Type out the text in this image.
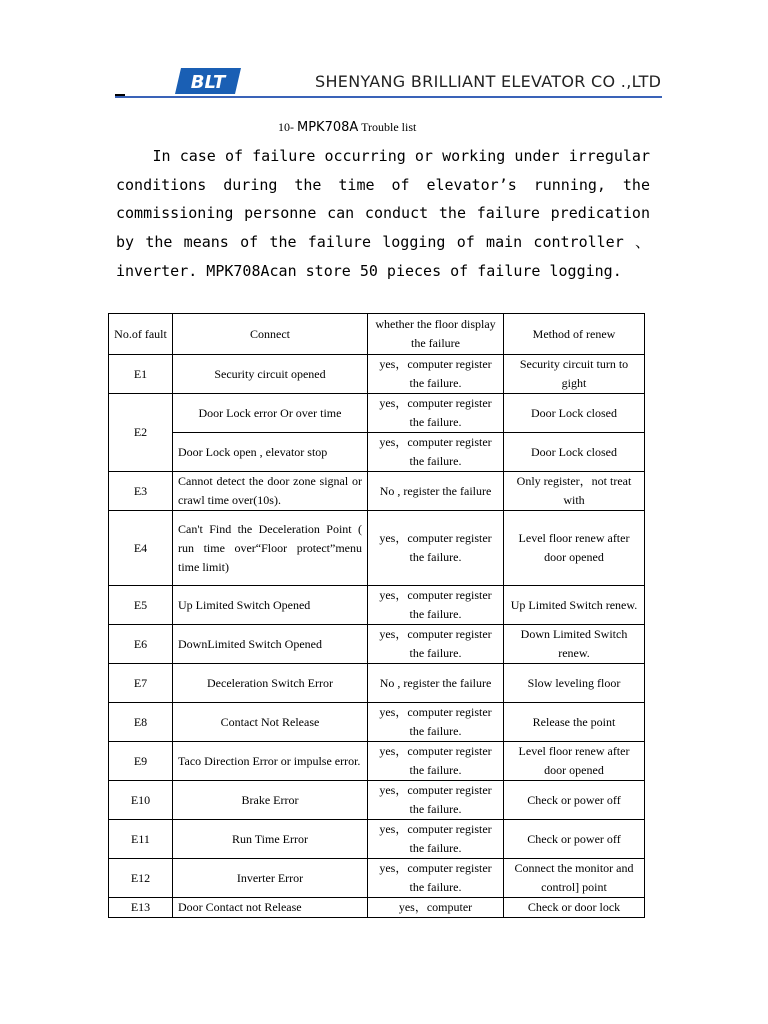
BLT	SHENYANG BRILLIANT ELEVATOR CO .,LTD
10- MPK708A Trouble list

In case of failure occurring or working under irregular conditions during the time of elevator’s running, the commissioning personne can conduct the failure predication by the means of the failure logging of main controller 、inverter. MPK708Acan store 50 pieces of failure logging.

No.of fault	Connect	whether the floor display the failure	Method of renew
E1	Security circuit opened	yes，computer register the failure.	Security circuit turn to gight
E2	Door Lock error Or over time	yes，computer register the failure.	Door Lock closed
	Door Lock open , elevator stop	yes，computer register the failure.	Door Lock closed
E3	Cannot detect the door zone signal or crawl time over(10s).	No , register the failure	Only register，not treat with
E4	Can't Find the Deceleration Point ( run time over“Floor protect”menu time limit)	yes，computer register the failure.	Level floor renew after door opened
E5	Up Limited Switch Opened	yes，computer register the failure.	Up Limited Switch renew.
E6	DownLimited Switch Opened	yes，computer register the failure.	Down Limited Switch renew.
E7	Deceleration Switch Error	No , register the failure	Slow leveling floor
E8	Contact Not Release	yes，computer register the failure.	Release the point
E9	Taco Direction Error or impulse error.	yes，computer register the failure.	Level floor renew after door opened
E10	Brake Error	yes，computer register the failure.	Check or power off
E11	Run Time Error	yes，computer register the failure.	Check or power off
E12	Inverter Error	yes，computer register the failure.	Connect the monitor and control] point
E13	Door Contact not Release	yes，computer	Check or door lock
